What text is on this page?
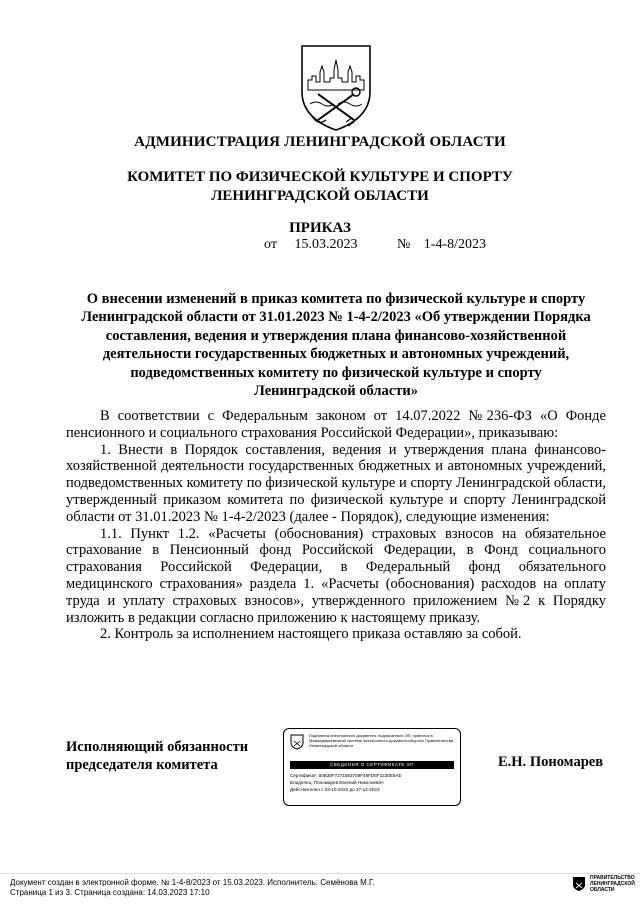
АДМИНИСТРАЦИЯ ЛЕНИНГРАДСКОЙ ОБЛАСТИ
КОМИТЕТ ПО ФИЗИЧЕСКОЙ КУЛЬТУРЕ И СПОРТУ
ЛЕНИНГРАДСКОЙ ОБЛАСТИ
ПРИКАЗ
от 15.03.2023	№ 1-4-8/2023
О внесении изменений в приказ комитета по физической культуре и спорту
Ленинградской области от 31.01.2023 № 1-4-2/2023 «Об утверждении Порядка
составления, ведения и утверждения плана финансово-хозяйственной
деятельности государственных бюджетных и автономных учреждений,
подведомственных комитету по физической культуре и спорту
Ленинградской области»

В соответствии с Федеральным законом от 14.07.2022 №236-ФЗ «О Фонде пенсионного и социального страхования Российской Федерации», приказываю:

1. Внести в Порядок составления, ведения и утверждения плана финансово-хозяйственной деятельности государственных бюджетных и автономных учреждений, подведомственных комитету по физической культуре и спорту Ленинградской области, утвержденный приказом комитета по физической культуре и спорту Ленинградской области от 31.01.2023 № 1-4-2/2023 (далее - Порядок), следующие изменения:

1.1. Пункт 1.2. «Расчеты (обоснования) страховых взносов на обязательное страхование в Пенсионный фонд Российской Федерации, в Фонд социального страхования Российской Федерации, в Федеральный фонд обязательного медицинского страхования» раздела 1. «Расчеты (обоснования) расходов на оплату труда и уплату страховых взносов», утвержденного приложением №2 к Порядку изложить в редакции согласно приложению к настоящему приказу.

2. Контроль за исполнением настоящего приказа оставляю за собой.

Исполняющий обязанности
председателя комитета
Подлинник электронного документа, подписанного ЭП, хранится в Межведомственной системе электронного документооборота Правительства Ленинградской области
СВЕДЕНИЯ О СЕРТИФИКАТЕ ЭП
Сертификат: 00B39F7271583759F49FD6F2230E6AE
Владелец: Пономарев Евгений Николаевич
Действителен с 03-10-2022 до 27-12-2023
Е.Н. Пономарев
Документ создан в электронной форме. № 1-4-8/2023 от 15.03.2023. Исполнитель: Семёнова М.Г.
Страница 1 из 3. Страница создана: 14.03.2023 17:10
ПРАВИТЕЛЬСТВО
ЛЕНИНГРАДСКОЙ
ОБЛАСТИ
